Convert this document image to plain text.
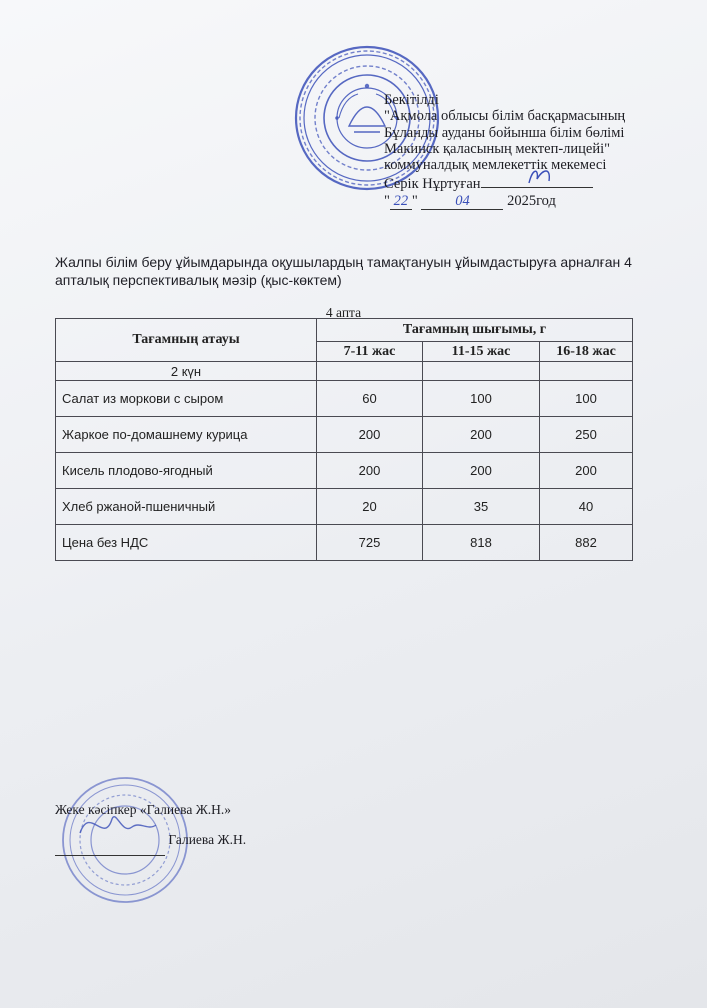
Бекітілді
"Ақмола облысы білім басқармасының
Бұланды ауданы бойынша білім бөлімі
Макинск қаласының мектеп-лицейі"
коммуналдық мемлекеттік мекемесі
Серік Нұртуған
" 22 "	04	2025год
Жалпы білім беру ұйымдарында оқушылардың тамақтануын ұйымдастыруға арналған 4 апталық перспективалық мәзір (қыс-көктем)
4 апта
Тағамның атауы	Тағамның шығымы, г		
	7-11 жас	11-15 жас	16-18 жас
2 күн			
Салат из моркови с сыром	60	100	100
Жаркое по-домашнему курица	200	200	250
Кисель плодово-ягодный	200	200	200
Хлеб ржаной-пшеничный	20	35	40
Цена без НДС	725	818	882
Жеке кәсіпкер «Галиева Ж.Н.»
Галиева Ж.Н.
